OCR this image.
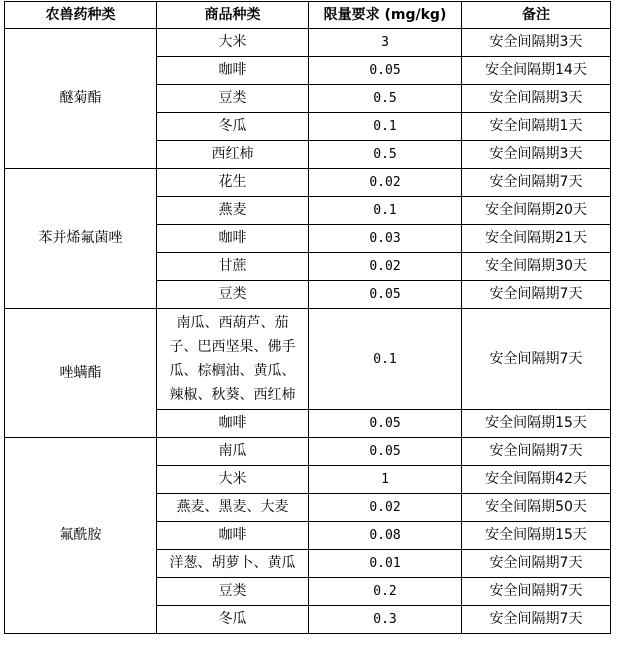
农兽药种类	商品种类	限量要求 (mg/kg)	备注
醚菊酯	大米	3	安全间隔期3天
	咖啡	0.05	安全间隔期14天
	豆类	0.5	安全间隔期3天
	冬瓜	0.1	安全间隔期1天
	西红柿	0.5	安全间隔期3天
苯并烯氟菌唑	花生	0.02	安全间隔期7天
	燕麦	0.1	安全间隔期20天
	咖啡	0.03	安全间隔期21天
	甘蔗	0.02	安全间隔期30天
	豆类	0.05	安全间隔期7天
唑螨酯	南瓜、西葫芦、茄
子、巴西坚果、佛手
瓜、棕榈油、黄瓜、
辣椒、秋葵、西红柿	0.1	安全间隔期7天
	咖啡	0.05	安全间隔期15天
氟酰胺	南瓜	0.05	安全间隔期7天
	大米	1	安全间隔期42天
	燕麦、黑麦、大麦	0.02	安全间隔期50天
	咖啡	0.08	安全间隔期15天
	洋葱、胡萝卜、黄瓜	0.01	安全间隔期7天
	豆类	0.2	安全间隔期7天
	冬瓜	0.3	安全间隔期7天
